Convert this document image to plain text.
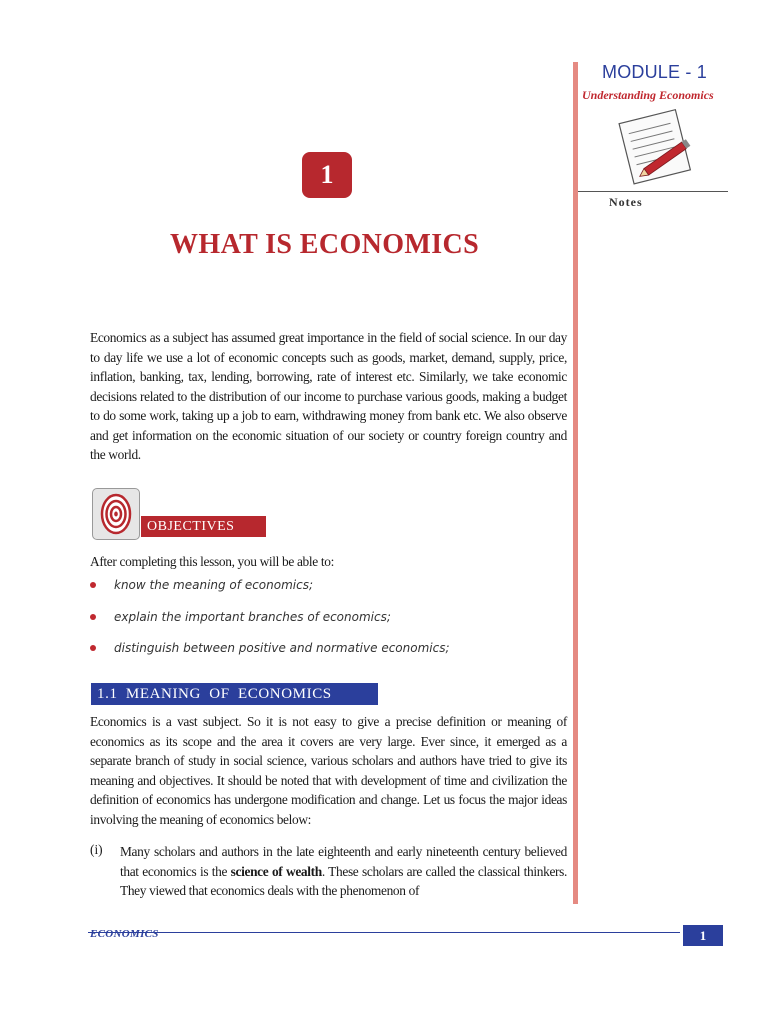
MODULE - 1
Understanding Economics
Notes
1
WHAT IS ECONOMICS

Economics as a subject has assumed great importance in the field of social science. In our day to day life we use a lot of economic concepts such as goods, market, demand, supply, price, inflation, banking, tax, lending, borrowing, rate of interest etc. Similarly, we take economic decisions related to the distribution of our income to purchase various goods, making a budget to do some work, taking up a job to earn, withdrawing money from bank etc. We also observe and get information on the economic situation of our society or country foreign country and the world.

OBJECTIVES
After completing this lesson, you will be able to:
know the meaning of economics;
explain the important branches of economics;
distinguish between positive and normative economics;
1.1 MEANING OF ECONOMICS

Economics is a vast subject. So it is not easy to give a precise definition or meaning of economics as its scope and the area it covers are very large. Ever since, it emerged as a separate branch of study in social science, various scholars and authors have tried to give its meaning and objectives. It should be noted that with development of time and civilization the definition of economics has undergone modification and change. Let us focus the major ideas involving the meaning of economics below:

(i) Many scholars and authors in the late eighteenth and early nineteenth century believed that economics is the science of wealth. These scholars are called the classical thinkers. They viewed that economics deals with the phenomenon of

ECONOMICS	1
